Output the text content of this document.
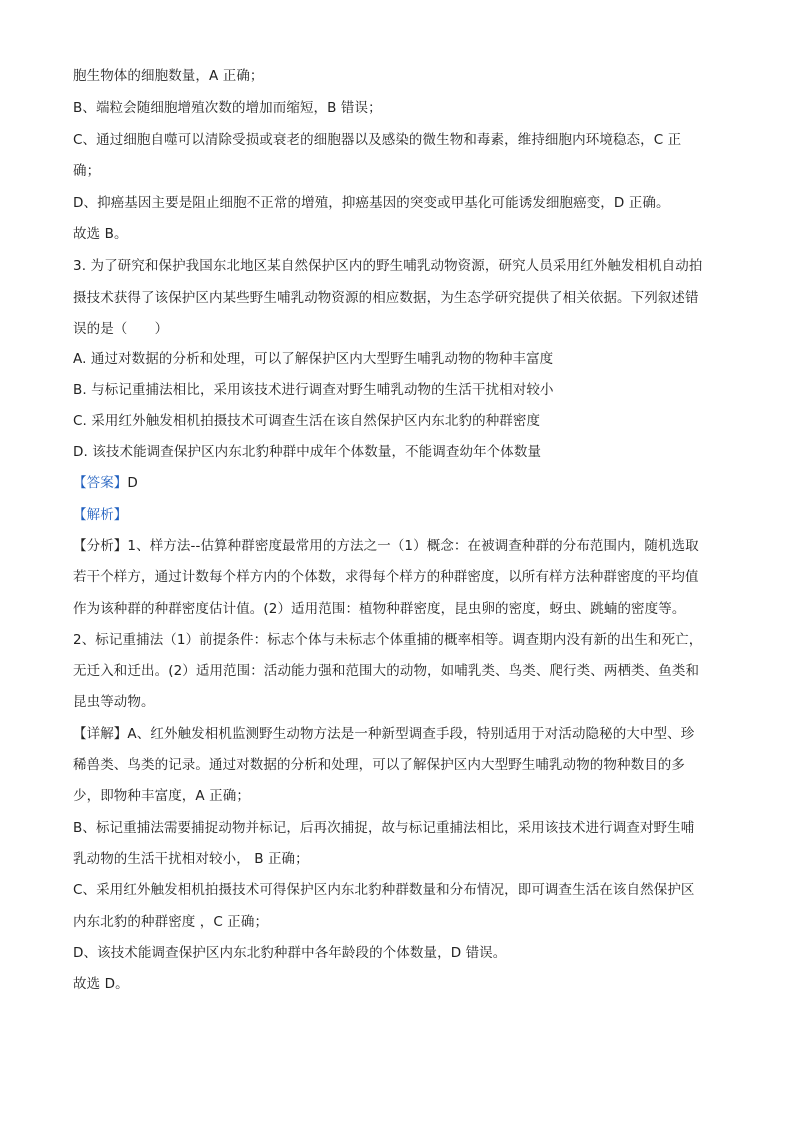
胞生物体的细胞数量，A 正确；
B、端粒会随细胞增殖次数的增加而缩短，B 错误；
C、通过细胞自噬可以清除受损或衰老的细胞器以及感染的微生物和毒素，维持细胞内环境稳态，C 正
确；
D、抑癌基因主要是阻止细胞不正常的增殖，抑癌基因的突变或甲基化可能诱发细胞癌变，D 正确。
故选 B。
3. 为了研究和保护我国东北地区某自然保护区内的野生哺乳动物资源，研究人员采用红外触发相机自动拍
摄技术获得了该保护区内某些野生哺乳动物资源的相应数据，为生态学研究提供了相关依据。下列叙述错
误的是（　　）
A. 通过对数据的分析和处理，可以了解保护区内大型野生哺乳动物的物种丰富度
B. 与标记重捕法相比，采用该技术进行调查对野生哺乳动物的生活干扰相对较小
C. 采用红外触发相机拍摄技术可调查生活在该自然保护区内东北豹的种群密度
D. 该技术能调查保护区内东北豹种群中成年个体数量，不能调查幼年个体数量
【答案】D
【解析】
【分析】1、样方法--估算种群密度最常用的方法之一（1）概念：在被调查种群的分布范围内，随机选取
若干个样方，通过计数每个样方内的个体数，求得每个样方的种群密度，以所有样方法种群密度的平均值
作为该种群的种群密度估计值。(2）适用范围：植物种群密度，昆虫卵的密度，蚜虫、跳蝻的密度等。
2、标记重捕法（1）前提条件：标志个体与未标志个体重捕的概率相等。调查期内没有新的出生和死亡，
无迁入和迁出。(2）适用范围：活动能力强和范围大的动物，如哺乳类、鸟类、爬行类、两栖类、鱼类和
昆虫等动物。
【详解】A、红外触发相机监测野生动物方法是一种新型调查手段，特别适用于对活动隐秘的大中型、珍
稀兽类、鸟类的记录。通过对数据的分析和处理，可以了解保护区内大型野生哺乳动物的物种数目的多
少，即物种丰富度，A 正确；
B、标记重捕法需要捕捉动物并标记，后再次捕捉，故与标记重捕法相比，采用该技术进行调查对野生哺
乳动物的生活干扰相对较小， B 正确；
C、采用红外触发相机拍摄技术可得保护区内东北豹种群数量和分布情况，即可调查生活在该自然保护区
内东北豹的种群密度 ，C 正确；
D、该技术能调查保护区内东北豹种群中各年龄段的个体数量，D 错误。
故选 D。
